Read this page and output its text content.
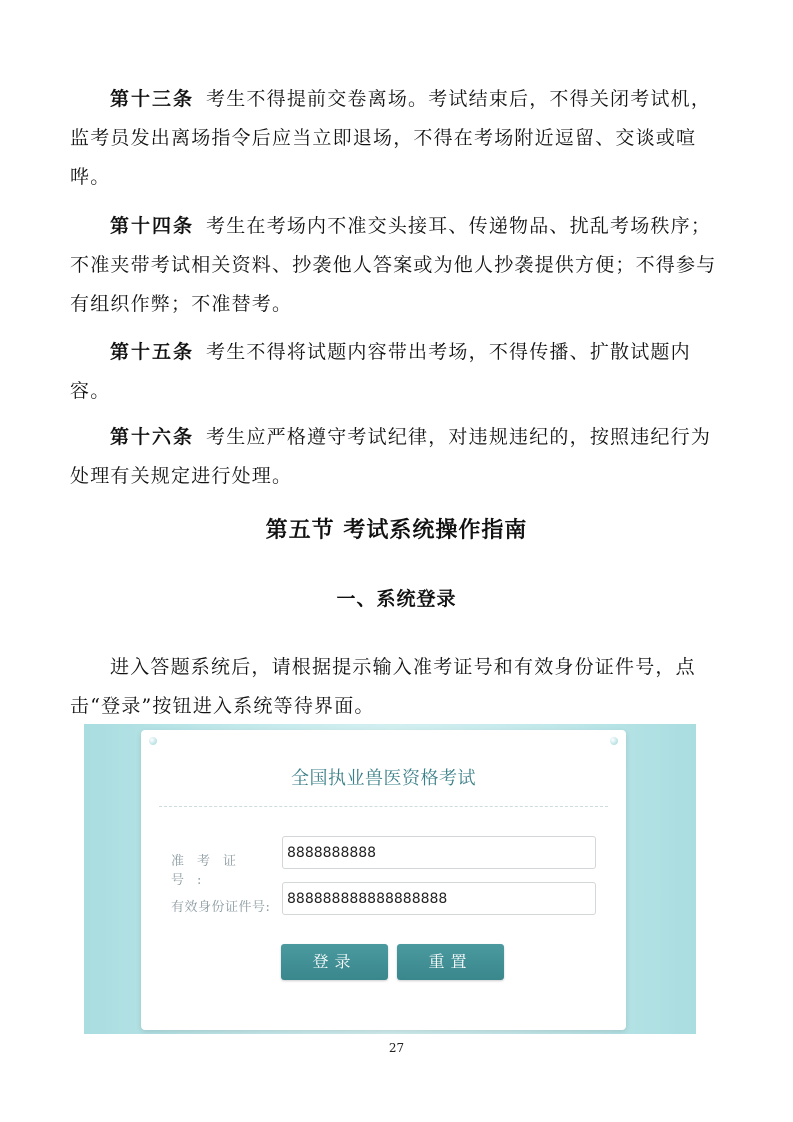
第十三条 考生不得提前交卷离场。考试结束后，不得关闭考试机，监考员发出离场指令后应当立即退场，不得在考场附近逗留、交谈或喧哗。

第十四条 考生在考场内不准交头接耳、传递物品、扰乱考场秩序；不准夹带考试相关资料、抄袭他人答案或为他人抄袭提供方便；不得参与有组织作弊；不准替考。

第十五条 考生不得将试题内容带出考场，不得传播、扩散试题内容。

第十六条 考生应严格遵守考试纪律，对违规违纪的，按照违纪行为处理有关规定进行处理。

第五节 考试系统操作指南
一、系统登录

进入答题系统后，请根据提示输入准考证号和有效身份证件号，点击“登录”按钮进入系统等待界面。

全国执业兽医资格考试
准考证号:
8888888888
有效身份证件号:
888888888888888888
登录	重置
27
